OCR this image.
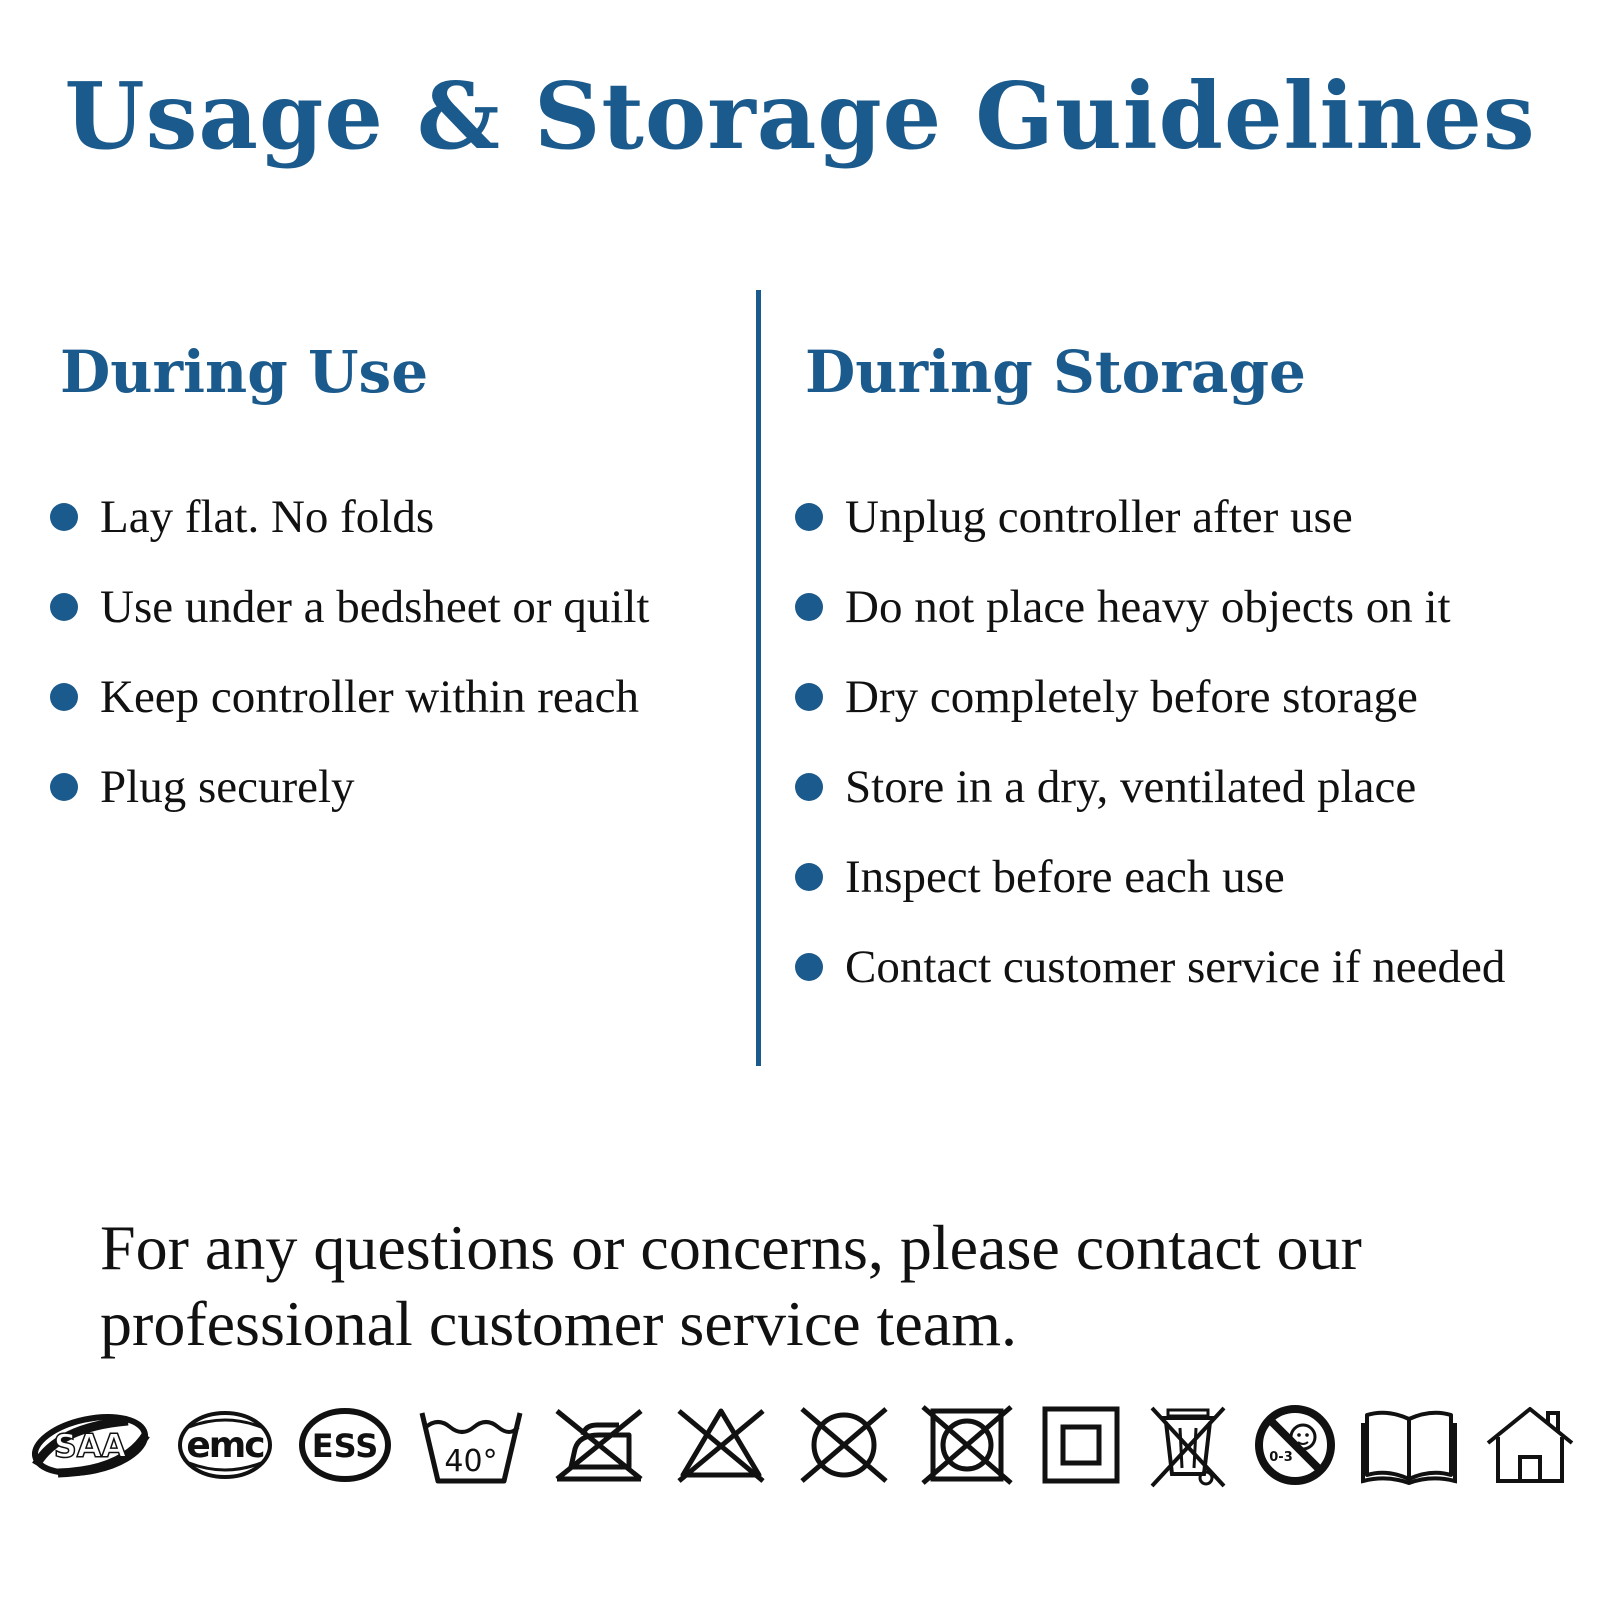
Usage & Storage Guidelines
During Use
Lay flat. No folds
Use under a bedsheet or quilt
Keep controller within reach
Plug securely
During Storage
Unplug controller after use
Do not place heavy objects on it
Dry completely before storage
Store in a dry, ventilated place
Inspect before each use
Contact customer service if needed
For any questions or concerns, please contact our professional customer service team.
SAA emc ESS 40°	0-3
